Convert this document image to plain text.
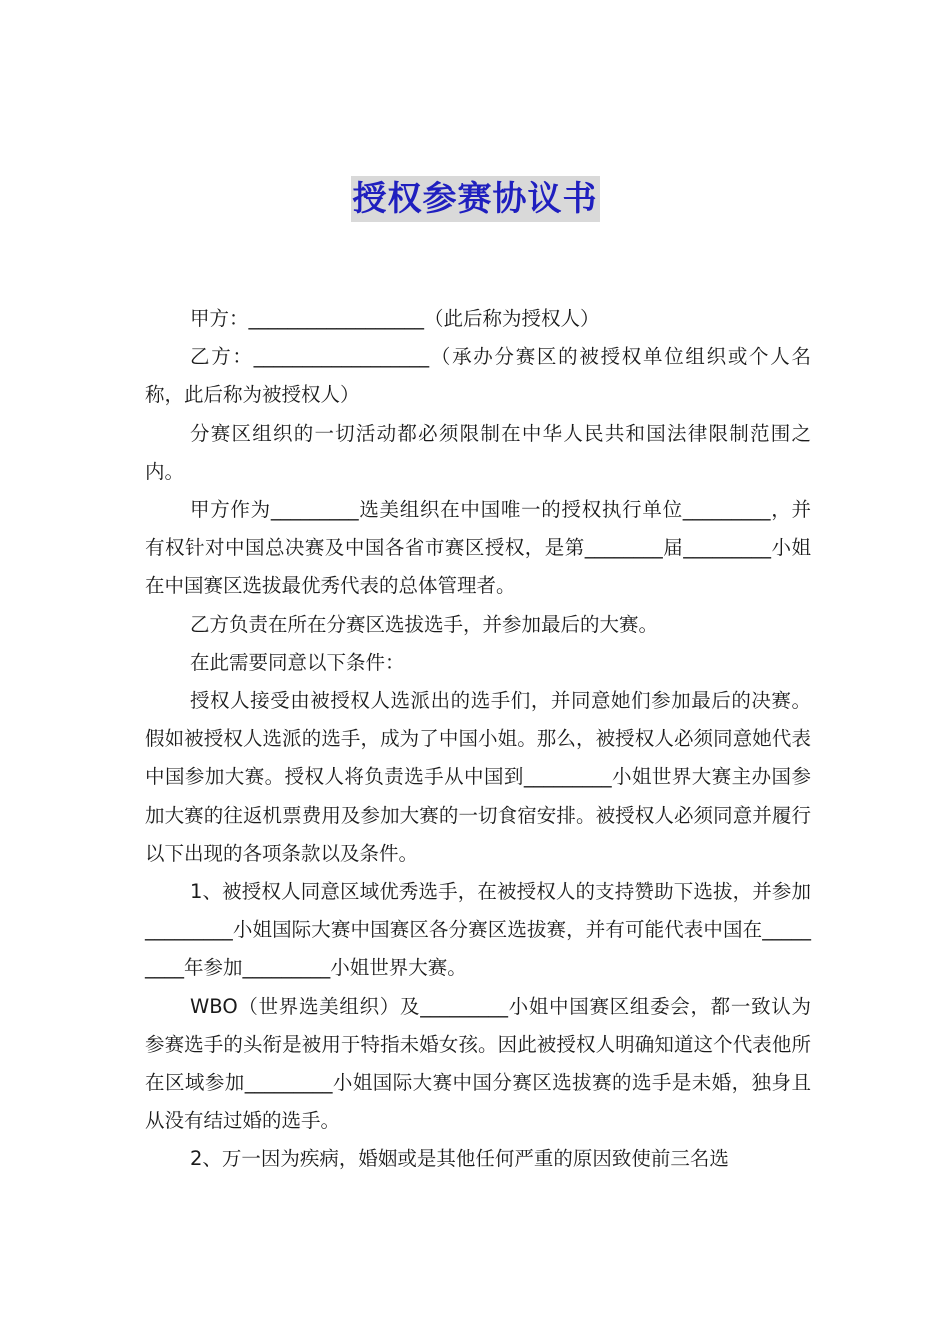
授权参赛协议书

甲方：__________________（此后称为授权人）

乙方：__________________（承办分赛区的被授权单位组织或个人名称，此后称为被授权人）

分赛区组织的一切活动都必须限制在中华人民共和国法律限制范围之内。

甲方作为_________选美组织在中国唯一的授权执行单位_________，并有权针对中国总决赛及中国各省市赛区授权，是第________届_________小姐在中国赛区选拔最优秀代表的总体管理者。

乙方负责在所在分赛区选拔选手，并参加最后的大赛。

在此需要同意以下条件：

授权人接受由被授权人选派出的选手们，并同意她们参加最后的决赛。假如被授权人选派的选手，成为了中国小姐。那么，被授权人必须同意她代表中国参加大赛。授权人将负责选手从中国到_________小姐世界大赛主办国参加大赛的往返机票费用及参加大赛的一切食宿安排。被授权人必须同意并履行以下出现的各项条款以及条件。

1、被授权人同意区域优秀选手，在被授权人的支持赞助下选拔，并参加_________小姐国际大赛中国赛区各分赛区选拔赛，并有可能代表中国在_________年参加_________小姐世界大赛。

WBO（世界选美组织）及_________小姐中国赛区组委会，都一致认为参赛选手的头衔是被用于特指未婚女孩。因此被授权人明确知道这个代表他所在区域参加_________小姐国际大赛中国分赛区选拔赛的选手是未婚，独身且从没有结过婚的选手。

2、万一因为疾病，婚姻或是其他任何严重的原因致使前三名选
